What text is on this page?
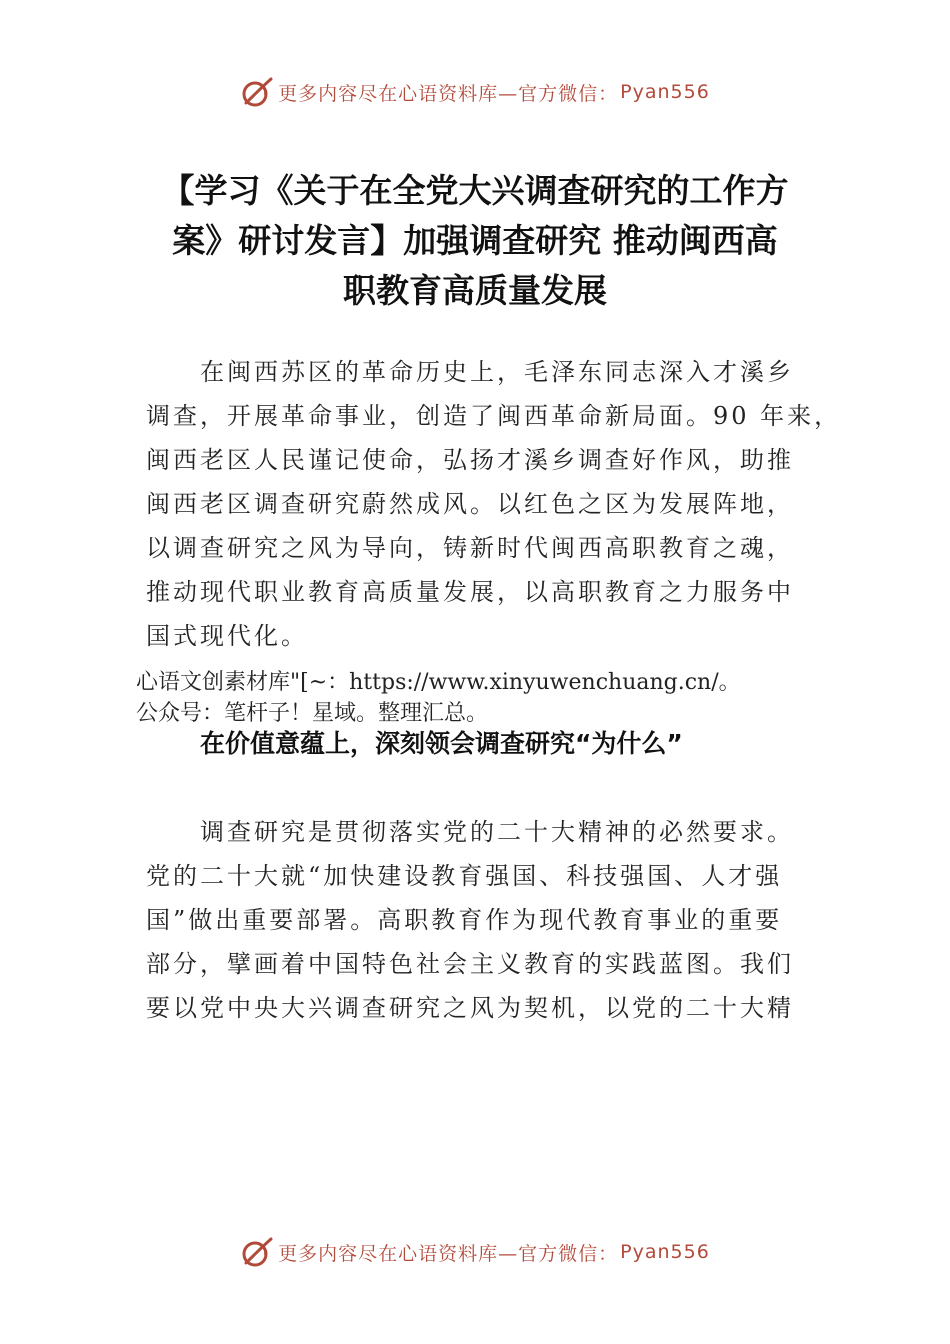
更多内容尽在心语资料库—官方微信： Pyan556
【学习《关于在全党大兴调查研究的工作方
案》研讨发言】加强调查研究 推动闽西高
职教育高质量发展
在闽西苏区的革命历史上，毛泽东同志深入才溪乡
调查，开展革命事业，创造了闽西革命新局面。90 年来，
闽西老区人民谨记使命，弘扬才溪乡调查好作风，助推
闽西老区调查研究蔚然成风。以红色之区为发展阵地，
以调查研究之风为导向，铸新时代闽西高职教育之魂，
推动现代职业教育高质量发展，以高职教育之力服务中
国式现代化。
心语文创素材库"[~：https://www.xinyuwenchuang.cn/。
公众号：笔杆子！星域。整理汇总。
在价值意蕴上，深刻领会调查研究“为什么”
调查研究是贯彻落实党的二十大精神的必然要求。
党的二十大就“加快建设教育强国、科技强国、人才强
国”做出重要部署。高职教育作为现代教育事业的重要
部分，擘画着中国特色社会主义教育的实践蓝图。我们
要以党中央大兴调查研究之风为契机，以党的二十大精
更多内容尽在心语资料库—官方微信： Pyan556
